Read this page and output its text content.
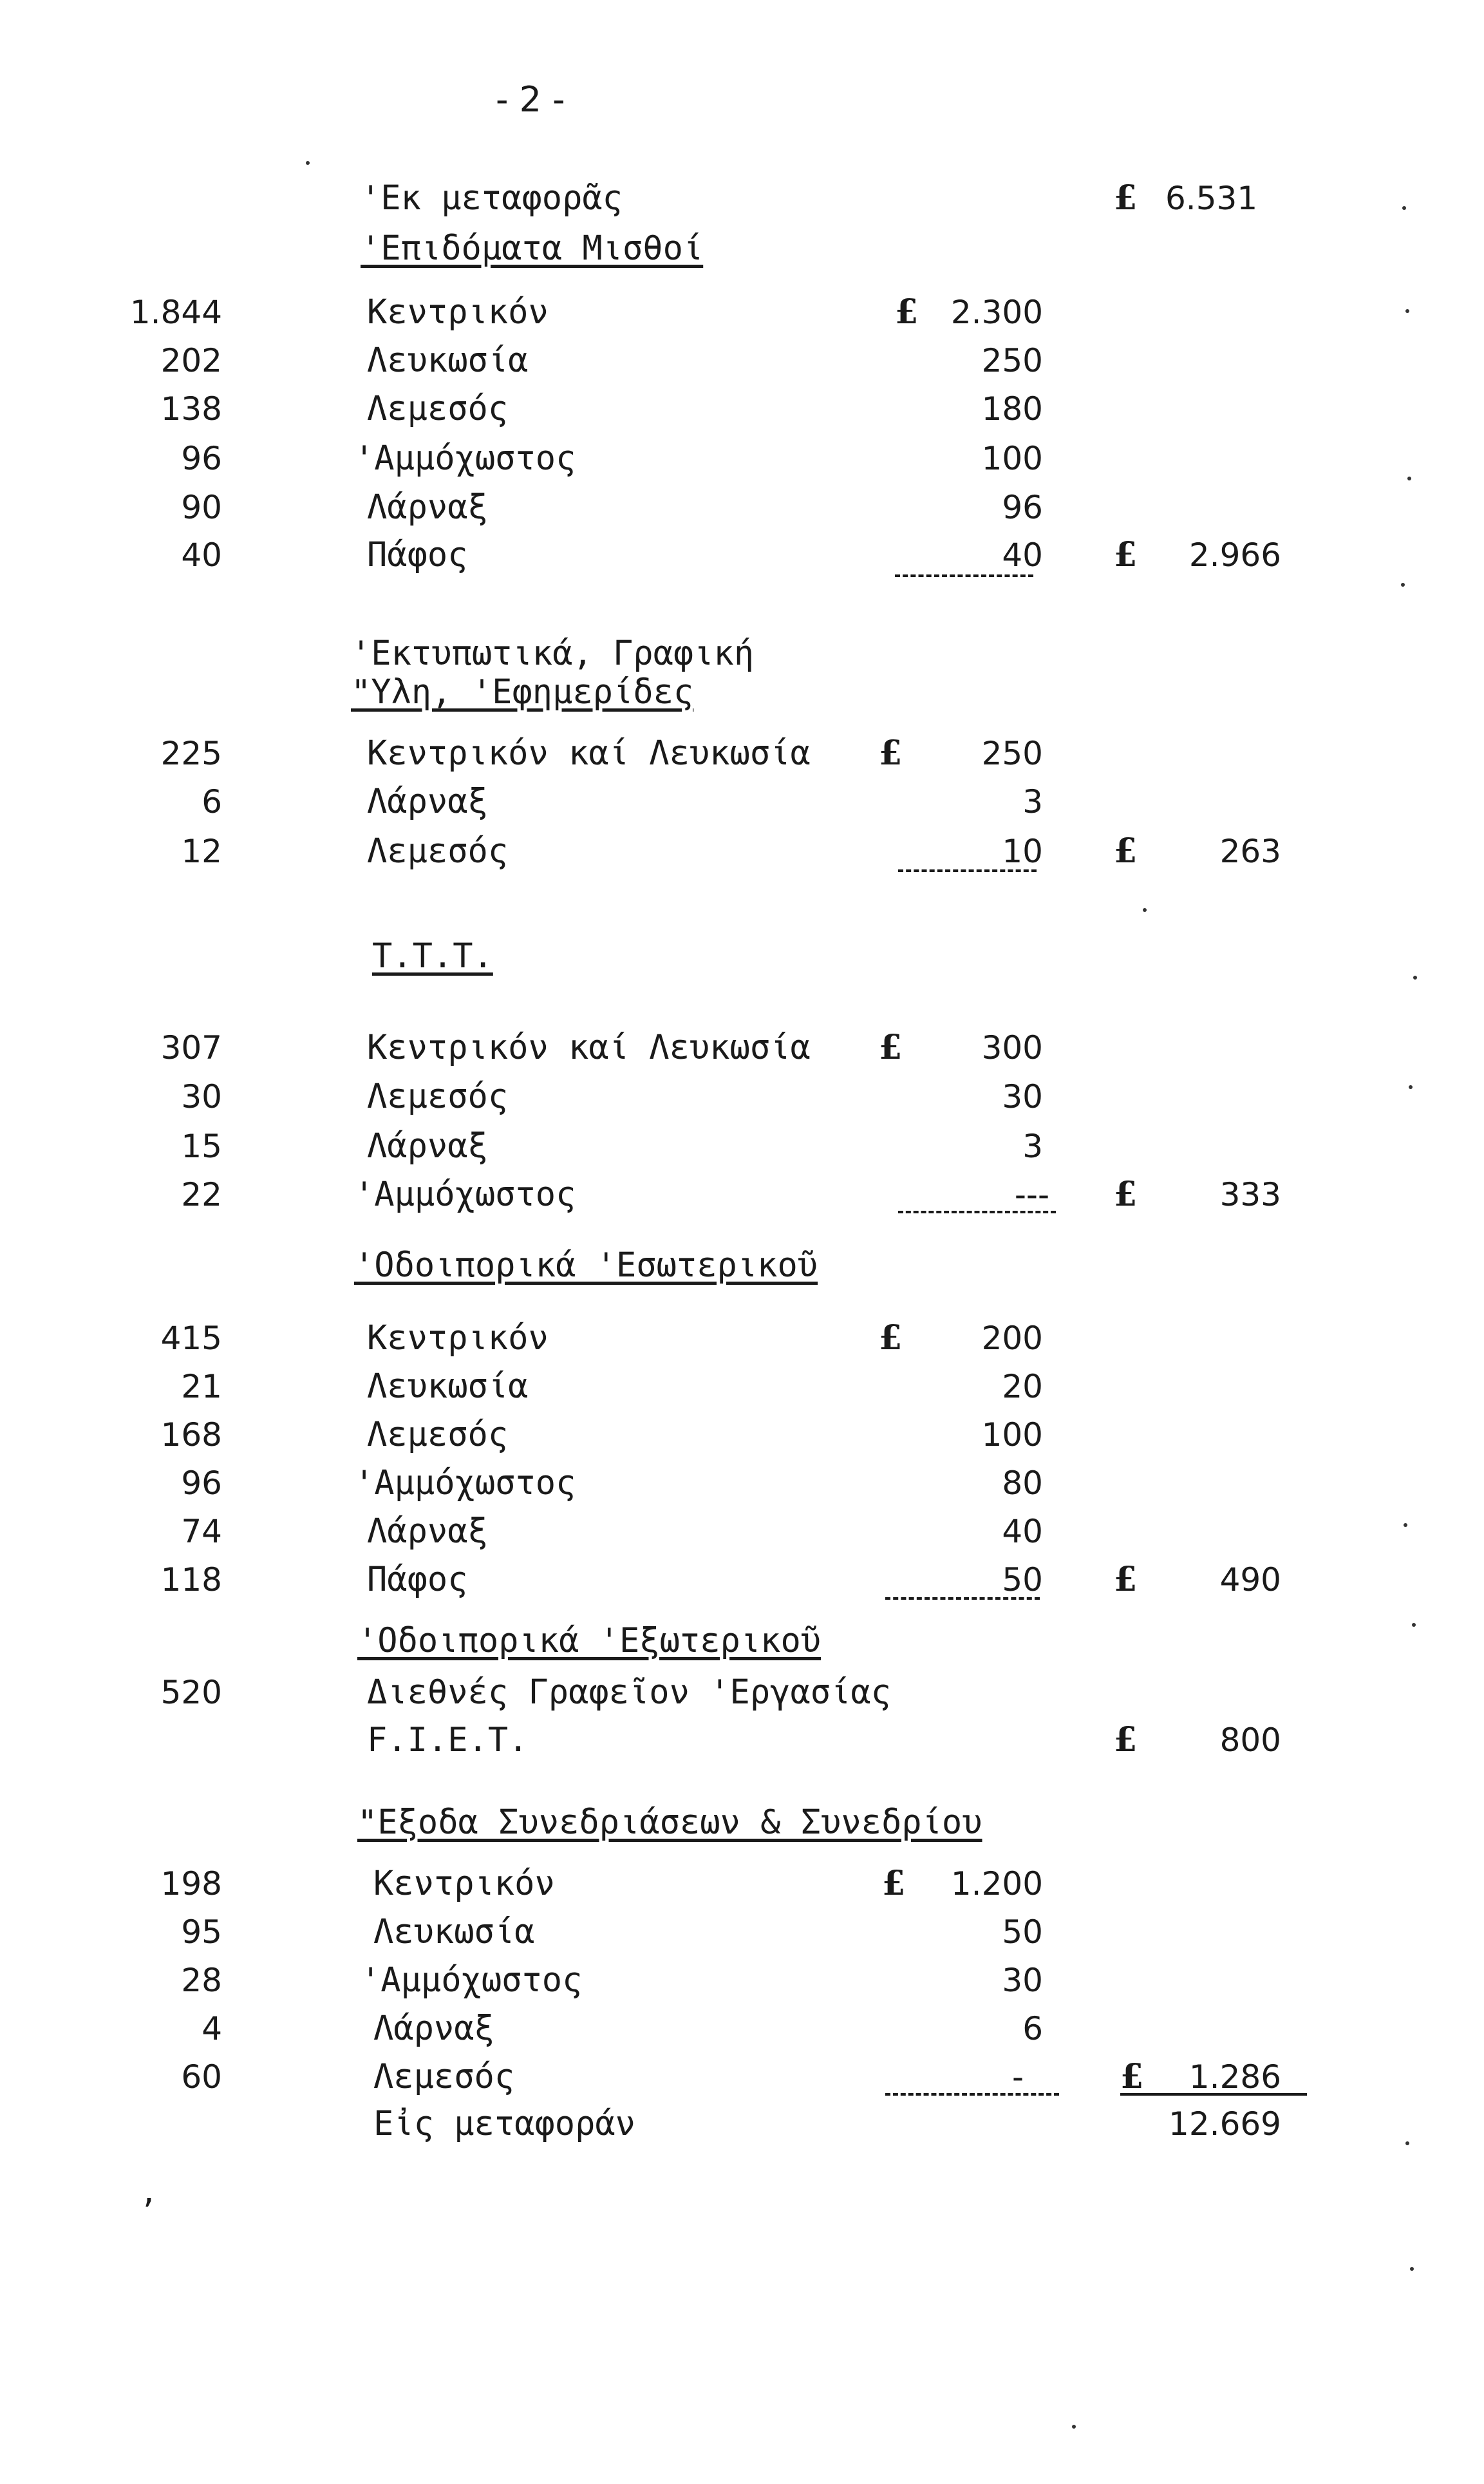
- 2 -
'Εκ μεταφορᾶς	£ 6.531
'Επιδόματα Μισθοί
1.844	Κεντρικόν	£	2.300
202	Λευκωσία	250
138	Λεμεσός	180
96	'Αμμόχωστος	100
90	Λάρναξ	96
40	Πάφος	40 £	2.966
'Εκτυπωτικά, Γραφική
"Υλη, 'Εφημερίδες
225	Κεντρικόν καί Λευκωσία £	250
6	Λάρναξ	3
12	Λεμεσός	10 £	263
Τ.Τ.Τ.
307	Κεντρικόν καί Λευκωσία £	300
30	Λεμεσός	30
15	Λάρναξ	3
22	'Αμμόχωστος	--- £	333
'Οδοιπορικά 'Εσωτερικοῦ
415	Κεντρικόν	£	200
21	Λευκωσία	20
168	Λεμεσός	100
96	'Αμμόχωστος	80
74	Λάρναξ	40
118	Πάφος	50 £	490
'Οδοιπορικά 'Εξωτερικοῦ
520	Διεθνές Γραφεῖον 'Εργασίας
F.I.E.T.	£	800
"Εξοδα Συνεδριάσεων & Συνεδρίου
198	Κεντρικόν	£	1.200
95	Λευκωσία	50
28	'Αμμόχωστος	30
4	Λάρναξ	6
60	Λεμεσός	-	£	1.286
Εἰς μεταφοράν	12.669
,
